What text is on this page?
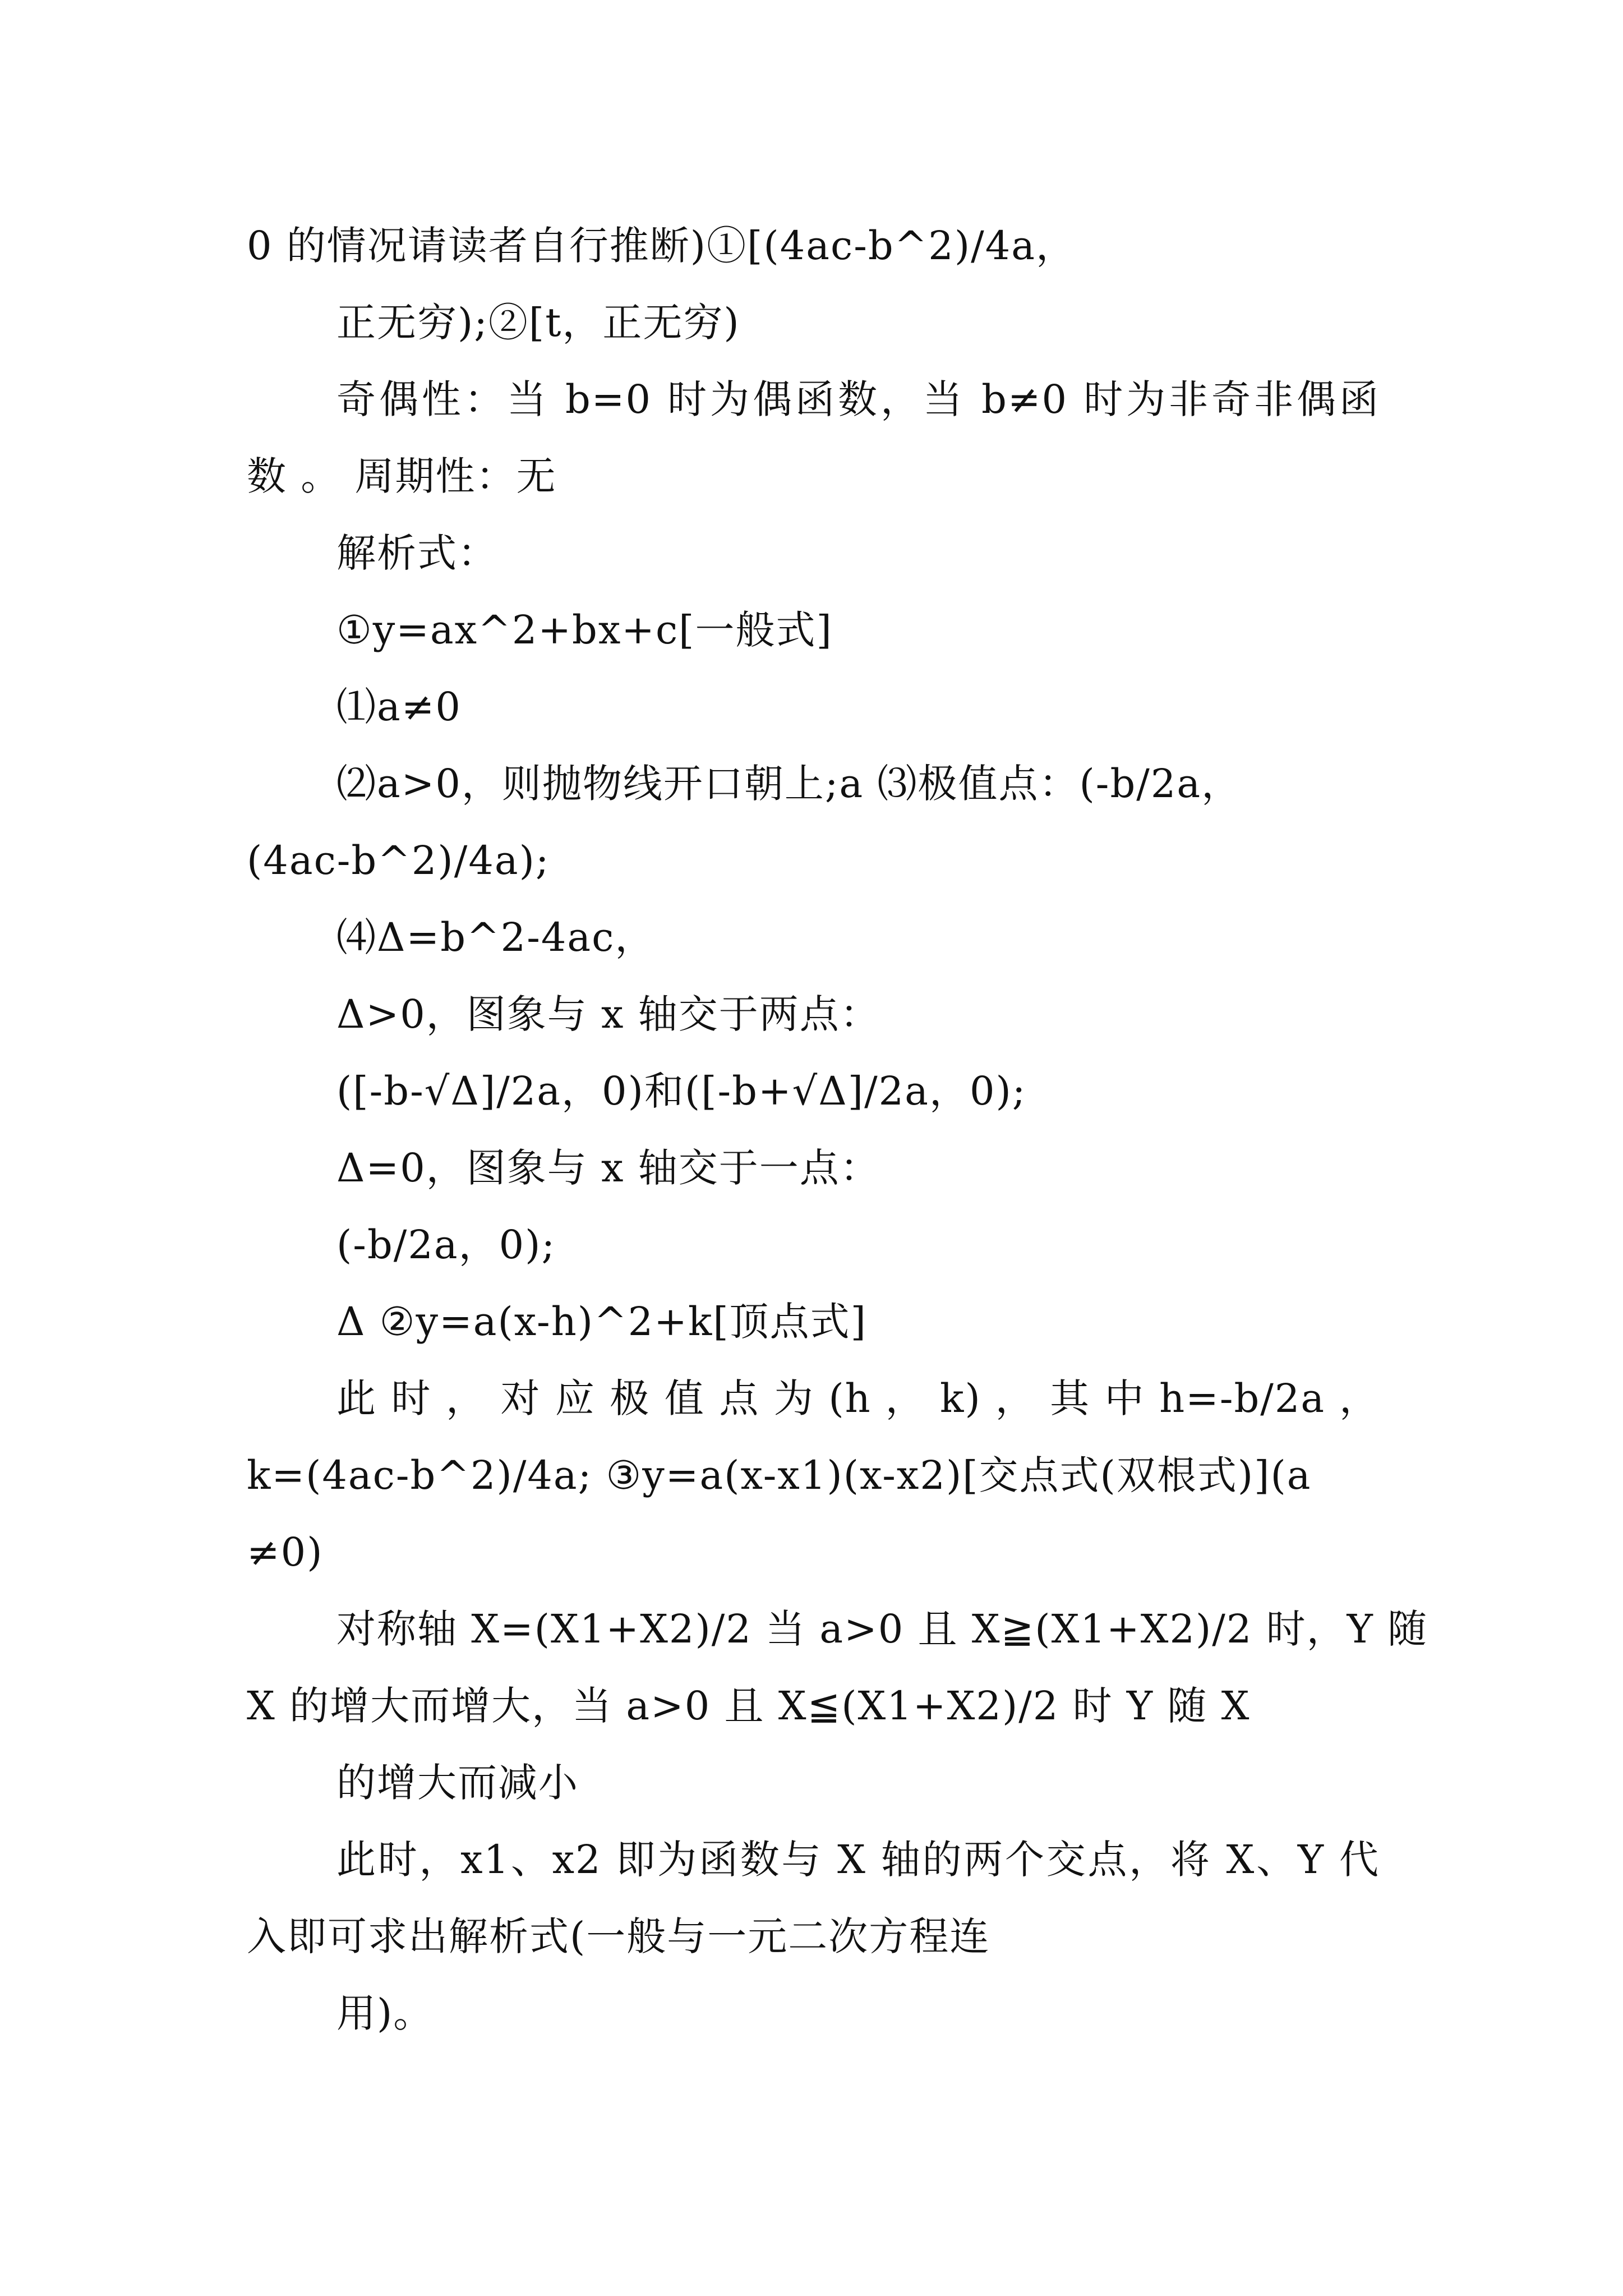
0 的情况请读者自行推断)①[(4ac-b^2)/4a，
正无穷);②[t，正无穷)
奇偶性：当 b=0 时为偶函数，当 b≠0 时为非奇非偶函
数 。 周期性：无
解析式：
①y=ax^2+bx+c[一般式]
⑴a≠0
⑵a>0，则抛物线开口朝上;a ⑶极值点：(-b/2a，
(4ac-b^2)/4a);
⑷Δ=b^2-4ac，
Δ>0，图象与 x 轴交于两点：
([-b-√Δ]/2a，0)和([-b+√Δ]/2a，0);
Δ=0，图象与 x 轴交于一点：
(-b/2a，0);
Δ ②y=a(x-h)^2+k[顶点式]
此 时 ， 对 应 极 值 点 为 (h ， k) ， 其 中 h=-b/2a ，
k=(4ac-b^2)/4a; ③y=a(x-x1)(x-x2)[交点式(双根式)](a
≠0)
对称轴 X=(X1+X2)/2 当 a>0 且 X≧(X1+X2)/2 时，Y 随
X 的增大而增大，当 a>0 且 X≦(X1+X2)/2 时 Y 随 X
的增大而减小
此时，x1、x2 即为函数与 X 轴的两个交点，将 X、Y 代
入即可求出解析式(一般与一元二次方程连
用)。
